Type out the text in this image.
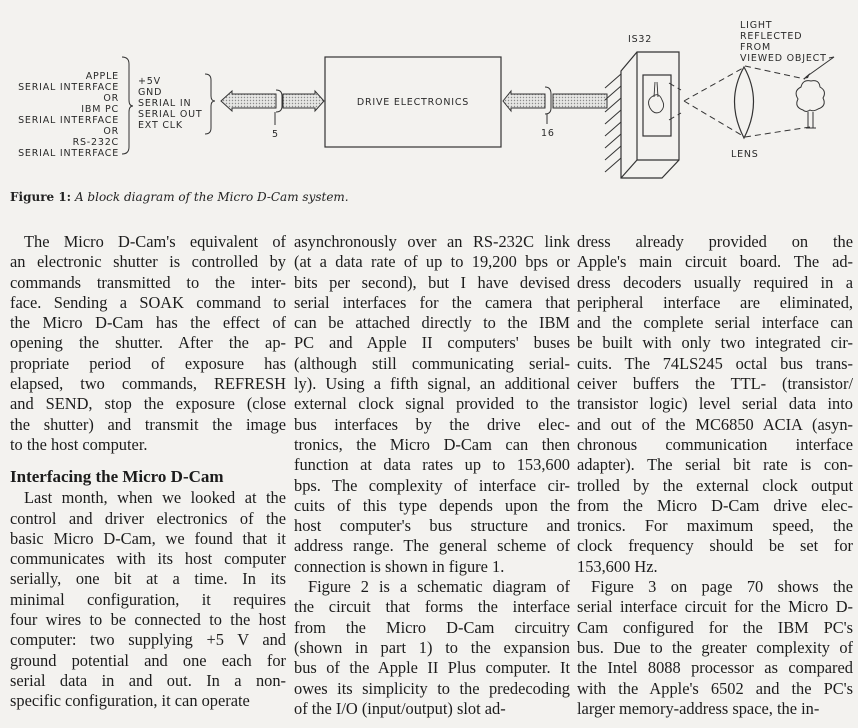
APPLE
SERIAL INTERFACE
OR
IBM PC
SERIAL INTERFACE
OR
RS-232C
SERIAL INTERFACE
+5V
GND
SERIAL IN
SERIAL OUT
EXT CLK
5
DRIVE ELECTRONICS
16
IS32
LENS
LIGHT
REFLECTED
FROM
VIEWED OBJECT
Figure 1: A block diagram of the Micro D-Cam system.

The Micro D-Cam's equivalent of
an electronic shutter is controlled by
commands transmitted to the inter-
face. Sending a SOAK command to
the Micro D-Cam has the effect of
opening the shutter. After the ap-
propriate period of exposure has
elapsed, two commands, REFRESH
and SEND, stop the exposure (close
the shutter) and transmit the image
to the host computer.

Interfacing the Micro D-Cam

Last month, when we looked at the
control and driver electronics of the
basic Micro D-Cam, we found that it
communicates with its host computer
serially, one bit at a time. In its
minimal configuration, it requires
four wires to be connected to the host
computer: two supplying +5 V and
ground potential and one each for
serial data in and out. In a non-
specific configuration, it can operate

asynchronously over an RS-232C link
(at a data rate of up to 19,200 bps or
bits per second), but I have devised
serial interfaces for the camera that
can be attached directly to the IBM
PC and Apple II computers' buses
(although still communicating serial-
ly). Using a fifth signal, an additional
external clock signal provided to the
bus interfaces by the drive elec-
tronics, the Micro D-Cam can then
function at data rates up to 153,600
bps. The complexity of interface cir-
cuits of this type depends upon the
host computer's bus structure and
address range. The general scheme of
connection is shown in figure 1.

Figure 2 is a schematic diagram of
the circuit that forms the interface
from the Micro D-Cam circuitry
(shown in part 1) to the expansion
bus of the Apple II Plus computer. It
owes its simplicity to the predecoding
of the I/O (input/output) slot ad-

dress already provided on the
Apple's main circuit board. The ad-
dress decoders usually required in a
peripheral interface are eliminated,
and the complete serial interface can
be built with only two integrated cir-
cuits. The 74LS245 octal bus trans-
ceiver buffers the TTL- (transistor/
transistor logic) level serial data into
and out of the MC6850 ACIA (asyn-
chronous communication interface
adapter). The serial bit rate is con-
trolled by the external clock output
from the Micro D-Cam drive elec-
tronics. For maximum speed, the
clock frequency should be set for
153,600 Hz.

Figure 3 on page 70 shows the
serial interface circuit for the Micro D-
Cam configured for the IBM PC's
bus. Due to the greater complexity of
the Intel 8088 processor as compared
with the Apple's 6502 and the PC's
larger memory-address space, the in-
